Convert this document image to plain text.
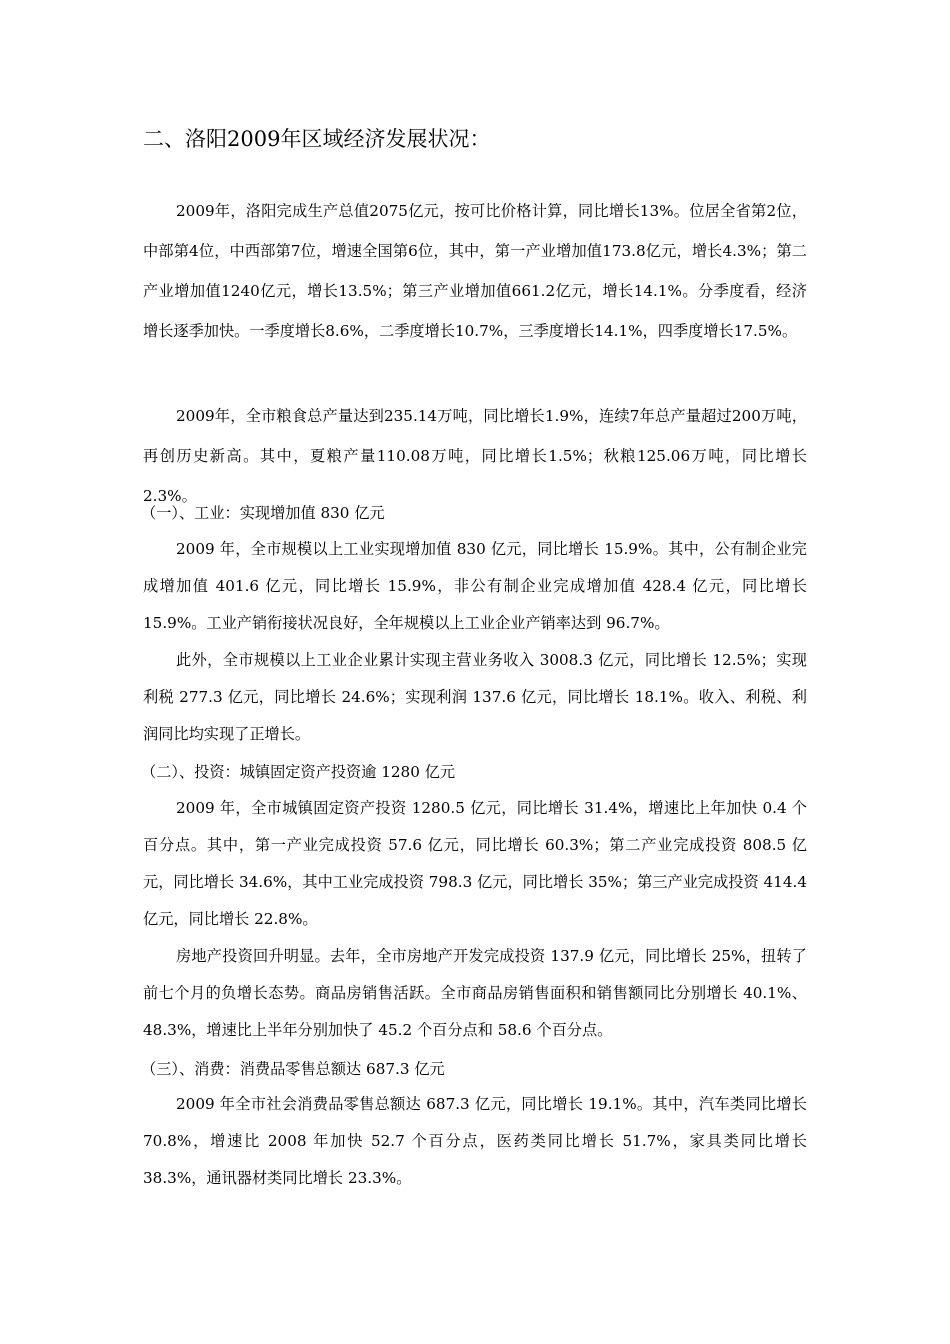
二、洛阳2009年区域经济发展状况：

2009年，洛阳完成生产总值2075亿元，按可比价格计算，同比增长13%。位居全省第2位，中部第4位，中西部第7位，增速全国第6位，其中，第一产业增加值173.8亿元，增长4.3%；第二产业增加值1240亿元，增长13.5%；第三产业增加值661.2亿元，增长14.1%。分季度看，经济增长逐季加快。一季度增长8.6%，二季度增长10.7%，三季度增长14.1%，四季度增长17.5%。

2009年，全市粮食总产量达到235.14万吨，同比增长1.9%，连续7年总产量超过200万吨，再创历史新高。其中，夏粮产量110.08万吨，同比增长1.5%；秋粮125.06万吨，同比增长2.3%。

（一）、工业：实现增加值 830 亿元

2009 年，全市规模以上工业实现增加值 830 亿元，同比增长 15.9%。其中，公有制企业完成增加值 401.6 亿元，同比增长 15.9%，非公有制企业完成增加值 428.4 亿元，同比增长 15.9%。工业产销衔接状况良好，全年规模以上工业企业产销率达到 96.7%。

此外，全市规模以上工业企业累计实现主营业务收入 3008.3 亿元，同比增长 12.5%；实现利税 277.3 亿元，同比增长 24.6%；实现利润 137.6 亿元，同比增长 18.1%。收入、利税、利润同比均实现了正增长。

（二）、投资：城镇固定资产投资逾 1280 亿元

2009 年，全市城镇固定资产投资 1280.5 亿元，同比增长 31.4%，增速比上年加快 0.4 个百分点。其中，第一产业完成投资 57.6 亿元，同比增长 60.3%；第二产业完成投资 808.5 亿元，同比增长 34.6%，其中工业完成投资 798.3 亿元，同比增长 35%；第三产业完成投资 414.4 亿元，同比增长 22.8%。

房地产投资回升明显。去年，全市房地产开发完成投资 137.9 亿元，同比增长 25%，扭转了前七个月的负增长态势。商品房销售活跃。全市商品房销售面积和销售额同比分别增长 40.1%、48.3%，增速比上半年分别加快了 45.2 个百分点和 58.6 个百分点。

（三）、消费：消费品零售总额达 687.3 亿元

2009 年全市社会消费品零售总额达 687.3 亿元，同比增长 19.1%。其中，汽车类同比增长 70.8%，增速比 2008 年加快 52.7 个百分点，医药类同比增长 51.7%，家具类同比增长 38.3%，通讯器材类同比增长 23.3%。
